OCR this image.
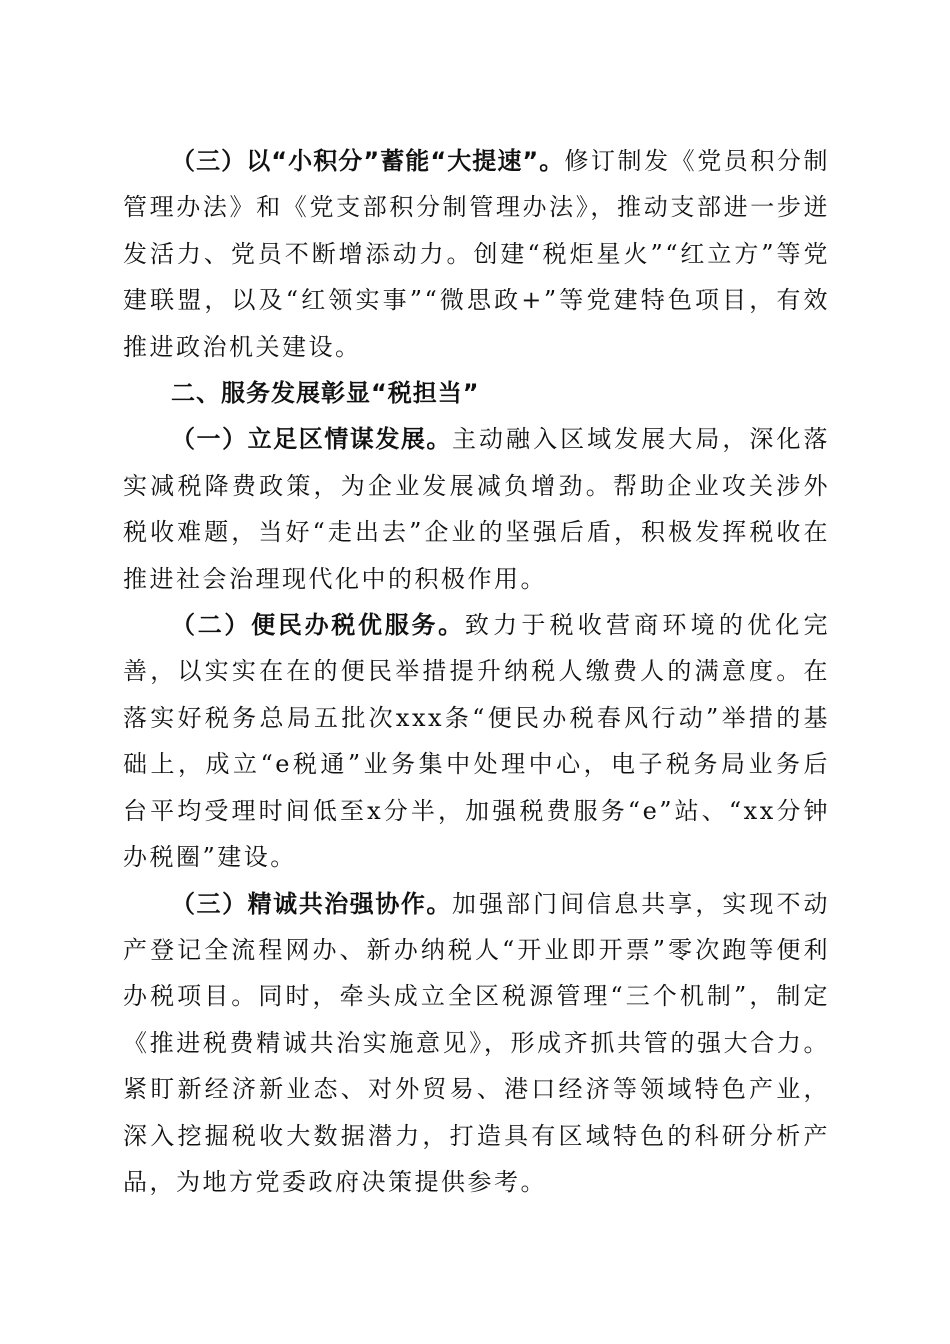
（三）以“小积分”蓄能“大提速”。修订制发《党员积分制管理办法》和《党支部积分制管理办法》，推动支部进一步迸发活力、党员不断增添动力。创建“税炬星火”“红立方”等党建联盟，以及“红领实事”“微思政+”等党建特色项目，有效推进政治机关建设。

二、服务发展彰显“税担当”

（一）立足区情谋发展。主动融入区域发展大局，深化落实减税降费政策，为企业发展减负增劲。帮助企业攻关涉外税收难题，当好“走出去”企业的坚强后盾，积极发挥税收在推进社会治理现代化中的积极作用。

（二）便民办税优服务。致力于税收营商环境的优化完善，以实实在在的便民举措提升纳税人缴费人的满意度。在落实好税务总局五批次xxx条“便民办税春风行动”举措的基础上，成立“e税通”业务集中处理中心，电子税务局业务后台平均受理时间低至x分半，加强税费服务“e”站、“xx分钟办税圈”建设。

（三）精诚共治强协作。加强部门间信息共享，实现不动产登记全流程网办、新办纳税人“开业即开票”零次跑等便利办税项目。同时，牵头成立全区税源管理“三个机制”，制定《推进税费精诚共治实施意见》，形成齐抓共管的强大合力。紧盯新经济新业态、对外贸易、港口经济等领域特色产业，深入挖掘税收大数据潜力，打造具有区域特色的科研分析产品，为地方党委政府决策提供参考。
